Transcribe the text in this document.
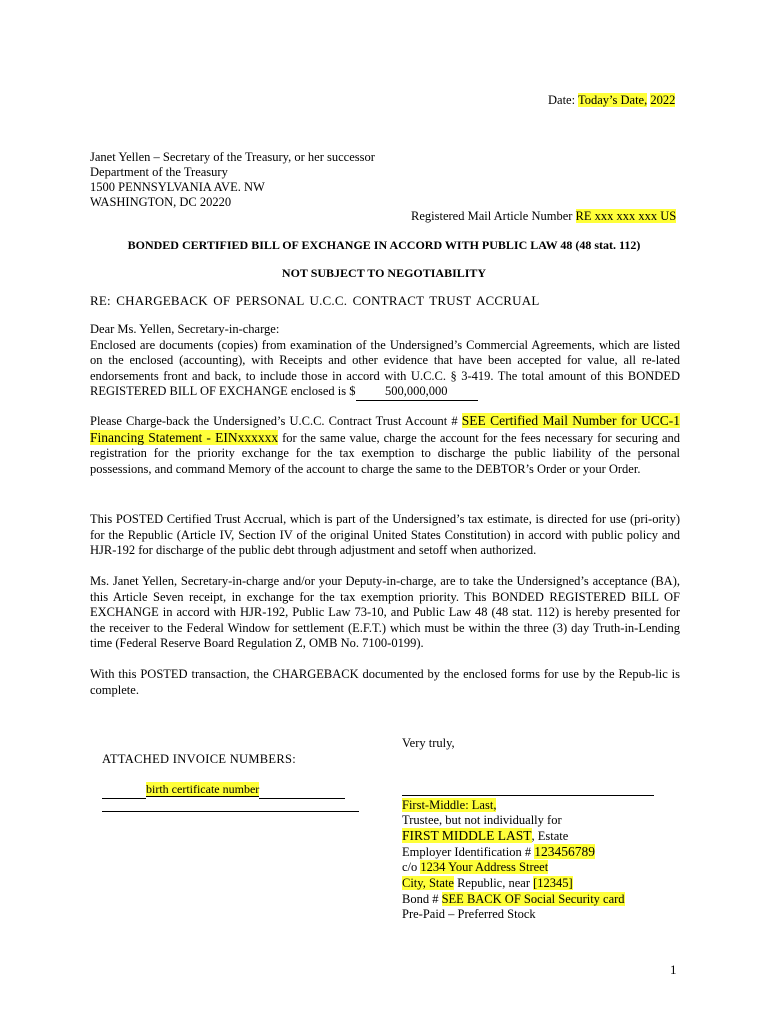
Date: Today’s Date, 2022
Janet Yellen – Secretary of the Treasury, or her successor
Department of the Treasury
1500 PENNSYLVANIA AVE. NW
WASHINGTON, DC 20220
Registered Mail Article Number RE xxx xxx xxx US
BONDED CERTIFIED BILL OF EXCHANGE IN ACCORD WITH PUBLIC LAW 48 (48 stat. 112)
NOT SUBJECT TO NEGOTIABILITY
RE: CHARGEBACK OF PERSONAL U.C.C. CONTRACT TRUST ACCRUAL

Dear Ms. Yellen, Secretary-in-charge:

Enclosed are documents (copies) from examination of the Undersigned’s Commercial Agreements, which are listed on the enclosed (accounting), with Receipts and other evidence that have been accepted for value, all re-lated endorsements front and back, to include those in accord with U.C.C. § 3-419. The total amount of this BONDED REGISTERED BILL OF EXCHANGE enclosed is $ 500,000,000

Please Charge-back the Undersigned’s U.C.C. Contract Trust Account # SEE Certified Mail Number for UCC-1 Financing Statement - EINxxxxxx for the same value, charge the account for the fees necessary for securing and registration for the priority exchange for the tax exemption to discharge the public liability of the personal possessions, and command Memory of the account to charge the same to the DEBTOR’s Order or your Order.

This POSTED Certified Trust Accrual, which is part of the Undersigned’s tax estimate, is directed for use (pri-ority) for the Republic (Article IV, Section IV of the original United States Constitution) in accord with public policy and HJR-192 for discharge of the public debt through adjustment and setoff when authorized.
Ms. Janet Yellen, Secretary-in-charge and/or your Deputy-in-charge, are to take the Undersigned’s acceptance (BA), this Article Seven receipt, in exchange for the tax exemption priority. This BONDED REGISTERED BILL OF EXCHANGE in accord with HJR-192, Public Law 73-10, and Public Law 48 (48 stat. 112) is hereby presented for the receiver to the Federal Window for settlement (E.F.T.) which must be within the three (3) day Truth-in-Lending time (Federal Reserve Board Regulation Z, OMB No. 7100-0199).
With this POSTED transaction, the CHARGEBACK documented by the enclosed forms for use by the Repub-lic is complete.
Very truly,
ATTACHED INVOICE NUMBERS:
birth certificate number
First-Middle: Last,
Trustee, but not individually for
FIRST MIDDLE LAST, Estate
Employer Identification # 123456789
c/o 1234 Your Address Street
City, State Republic, near [12345]
Bond # SEE BACK OF Social Security card
Pre-Paid – Preferred Stock
1
